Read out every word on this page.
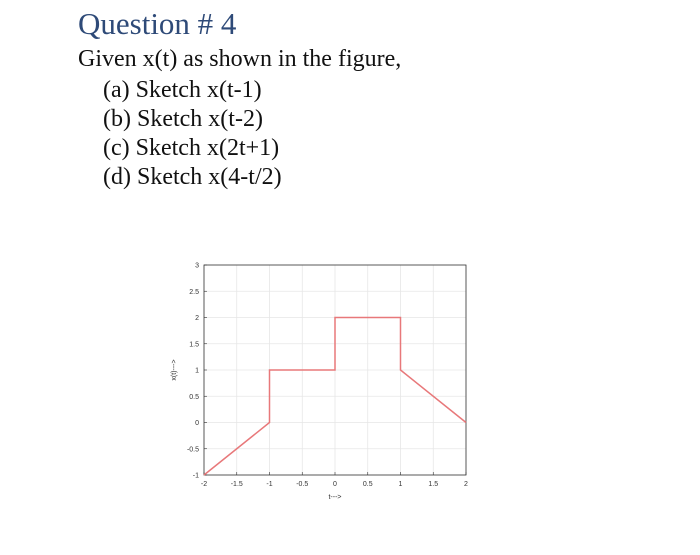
Question # 4
Given x(t) as shown in the figure,
(a) Sketch x(t-1)
(b) Sketch x(t-2)
(c) Sketch x(2t+1)
(d) Sketch x(4-t/2)
-2	-1.5	-1	-0.5	0	0.5	1	1.5	2
-1
-0.5
0
0.5
1
1.5
2
2.5
3
t--->
x(t)--->
